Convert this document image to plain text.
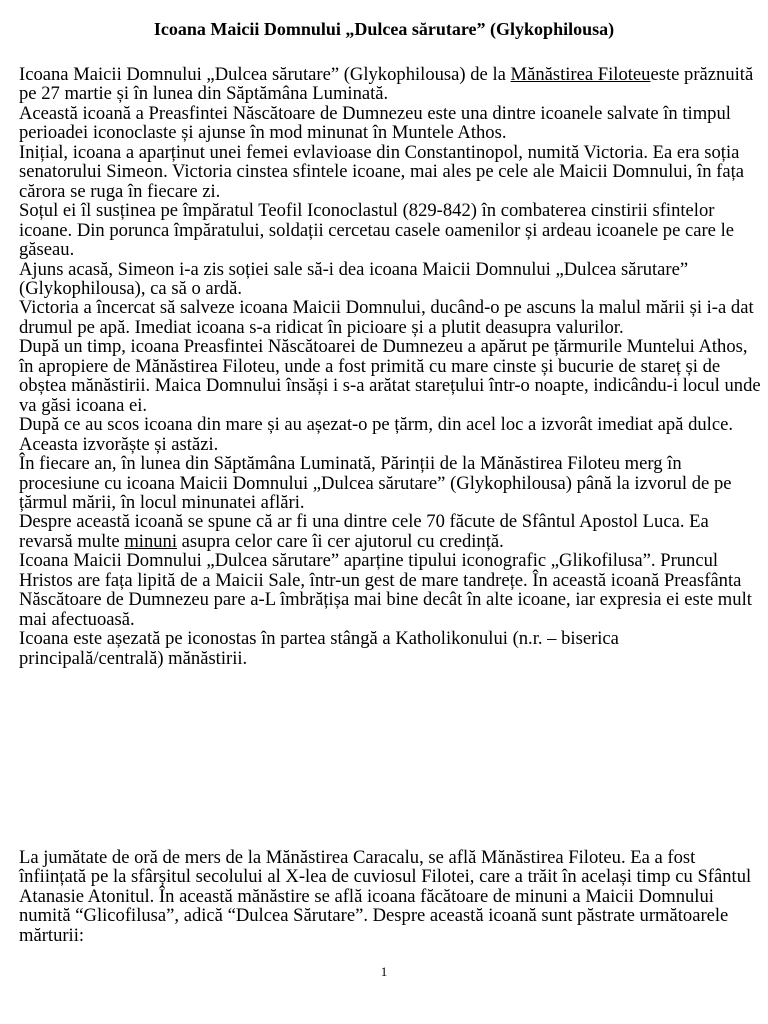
Icoana Maicii Domnului „Dulcea sărutare” (Glykophilousa)

Icoana Maicii Domnului „Dulcea sărutare” (Glykophilousa) de la Mănăstirea Filoteueste prăznuită pe 27 martie și în lunea din Săptămâna Luminată.

Această icoană a Preasfintei Născătoare de Dumnezeu este una dintre icoanele salvate în timpul perioadei iconoclaste și ajunse în mod minunat în Muntele Athos.

Inițial, icoana a aparținut unei femei evlavioase din Constantinopol, numită Victoria. Ea era soția senatorului Simeon. Victoria cinstea sfintele icoane, mai ales pe cele ale Maicii Domnului, în fața cărora se ruga în fiecare zi.

Soțul ei îl susținea pe împăratul Teofil Iconoclastul (829-842) în combaterea cinstirii sfintelor icoane. Din porunca împăratului, soldații cercetau casele oamenilor și ardeau icoanele pe care le găseau.

Ajuns acasă, Simeon i-a zis soției sale să-i dea icoana Maicii Domnului „Dulcea sărutare” (Glykophilousa), ca să o ardă.

Victoria a încercat să salveze icoana Maicii Domnului, ducând-o pe ascuns la malul mării și i-a dat drumul pe apă. Imediat icoana s-a ridicat în picioare și a plutit deasupra valurilor.

După un timp, icoana Preasfintei Născătoarei de Dumnezeu a apărut pe țărmurile Muntelui Athos, în apropiere de Mănăstirea Filoteu, unde a fost primită cu mare cinste și bucurie de stareț și de obștea mănăstirii. Maica Domnului însăși i s-a arătat starețului într-o noapte, indicându-i locul unde va găsi icoana ei.

După ce au scos icoana din mare și au așezat-o pe țărm, din acel loc a izvorât imediat apă dulce. Aceasta izvorăște și astăzi.

În fiecare an, în lunea din Săptămâna Luminată, Părinții de la Mănăstirea Filoteu merg în procesiune cu icoana Maicii Domnului „Dulcea sărutare” (Glykophilousa) până la izvorul de pe țărmul mării, în locul minunatei aflări.

Despre această icoană se spune că ar fi una dintre cele 70 făcute de Sfântul Apostol Luca. Ea revarsă multe minuni asupra celor care îi cer ajutorul cu credință.

Icoana Maicii Domnului „Dulcea sărutare” aparține tipului iconografic „Glikofilusa”. Pruncul Hristos are fața lipită de a Maicii Sale, într-un gest de mare tandrețe. În această icoană Preasfânta Născătoare de Dumnezeu pare a-L îmbrățișa mai bine decât în alte icoane, iar expresia ei este mult mai afectuoasă.

Icoana este așezată pe iconostas în partea stângă a Katholikonului (n.r. – biserica principală/centrală) mănăstirii.

La jumătate de oră de mers de la Mănăstirea Caracalu, se află Mănăstirea Filoteu. Ea a fost înființată pe la sfârșitul secolului al X-lea de cuviosul Filotei, care a trăit în același timp cu Sfântul Atanasie Atonitul. În această mănăstire se află icoana făcătoare de minuni a Maicii Domnului numită “Glicofilusa”, adică “Dulcea Sărutare”. Despre această icoană sunt păstrate următoarele mărturii:

1
